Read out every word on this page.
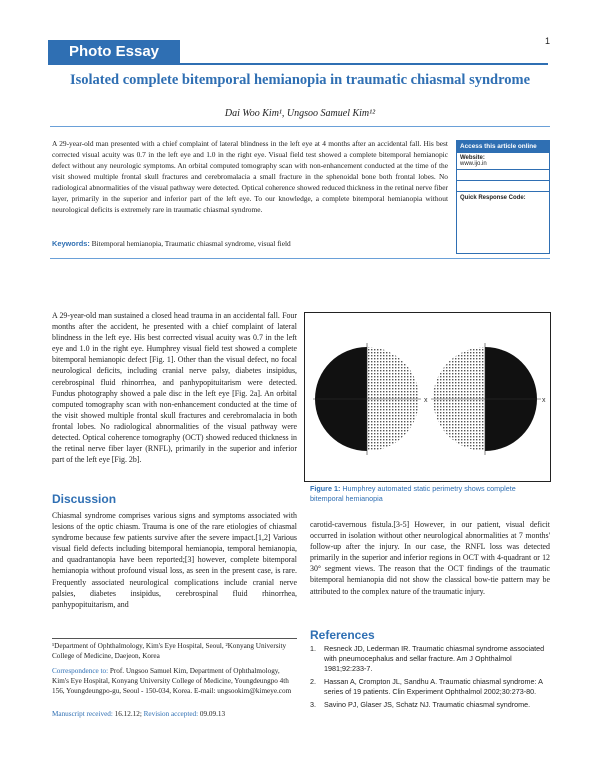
Photo Essay
1
Isolated complete bitemporal hemianopia in traumatic chiasmal syndrome
Dai Woo Kim¹, Ungsoo Samuel Kim¹²
A 29-year-old man presented with a chief complaint of lateral blindness in the left eye at 4 months after an accidental fall. His best corrected visual acuity was 0.7 in the left eye and 1.0 in the right eye. Visual field test showed a complete bitemporal hemianopic defect without any neurologic symptoms. An orbital computed tomography scan with non-enhancement conducted at the time of the visit showed multiple frontal skull fractures and cerebromalacia a small fracture in the sphenoidal bone both frontal lobes. No radiological abnormalities of the visual pathway were detected. Optical coherence showed reduced thickness in the retinal nerve fiber layer, primarily in the superior and inferior part of the left eye. To our knowledge, a complete bitemporal hemianopia without neurological deficits is extremely rare in traumatic chiasmal syndrome.
Keywords: Bitemporal hemianopia, Traumatic chiasmal syndrome, visual field
Access this article online
Website:
www.ijo.in

Quick Response Code:
A 29-year-old man sustained a closed head trauma in an accidental fall. Four months after the accident, he presented with a chief complaint of lateral blindness in the left eye. His best corrected visual acuity was 0.7 in the left eye and 1.0 in the right eye. Humphrey visual field test showed a complete bitemporal hemianopic defect [Fig. 1]. Other than the visual defect, no focal neurological deficits, including cranial nerve palsy, diabetes insipidus, cerebrospinal fluid rhinorrhea, and panhypopituitarism were detected. Fundus photography showed a pale disc in the left eye [Fig. 2a]. An orbital computed tomography scan with non-enhancement conducted at the time of the visit showed multiple frontal skull fractures and cerebromalacia in both frontal lobes. No radiological abnormalities of the visual pathway were detected. Optical coherence tomography (OCT) showed reduced thickness in the retinal nerve fiber layer (RNFL), primarily in the superior and inferior part of the left eye [Fig. 2b].
Discussion
Chiasmal syndrome comprises various signs and symptoms associated with lesions of the optic chiasm. Trauma is one of the rare etiologies of chiasmal syndrome because few patients survive after the severe impact.[1,2] Various visual field defects including bitemporal hemianopia, temporal hemianopia, and quadrantanopia have been reported;[3] however, complete bitemporal hemianopia without profound visual loss, as seen in the present case, is rare. Frequently associated neurological complications include cranial nerve palsies, diabetes insipidus, cerebrospinal fluid rhinorrhea, panhypopituitarism, and
¹Department of Ophthalmology, Kim's Eye Hospital, Seoul, ²Konyang University College of Medicine, Daejeon, Korea
Correspondence to: Prof. Ungsoo Samuel Kim, Department of Ophthalmology, Kim's Eye Hospital, Konyang University College of Medicine, Youngdeungpo 4th 156, Youngdeungpo-gu, Seoul - 150-034, Korea. E-mail: ungsookim@kimeye.com
Manuscript received: 16.12.12; Revision accepted: 09.09.13
x	x
Figure 1: Humphrey automated static perimetry shows complete bitemporal hemianopia
carotid-cavernous fistula.[3-5] However, in our patient, visual deficit occurred in isolation without other neurological abnormalities at 7 months' follow-up after the injury. In our case, the RNFL loss was detected primarily in the superior and inferior regions in OCT with 4-quadrant or 12 30° segment views. The reason that the OCT findings of the traumatic bitemporal hemianopia did not show the classical bow-tie pattern may be attributed to the complex nature of the traumatic injury.
References
1.	Resneck JD, Lederman IR. Traumatic chiasmal syndrome associated with pneumocephalus and sellar fracture. Am J Ophthalmol 1981;92:233-7.
2.	Hassan A, Crompton JL, Sandhu A. Traumatic chiasmal syndrome: A series of 19 patients. Clin Experiment Ophthalmol 2002;30:273-80.
3.	Savino PJ, Glaser JS, Schatz NJ. Traumatic chiasmal syndrome.
